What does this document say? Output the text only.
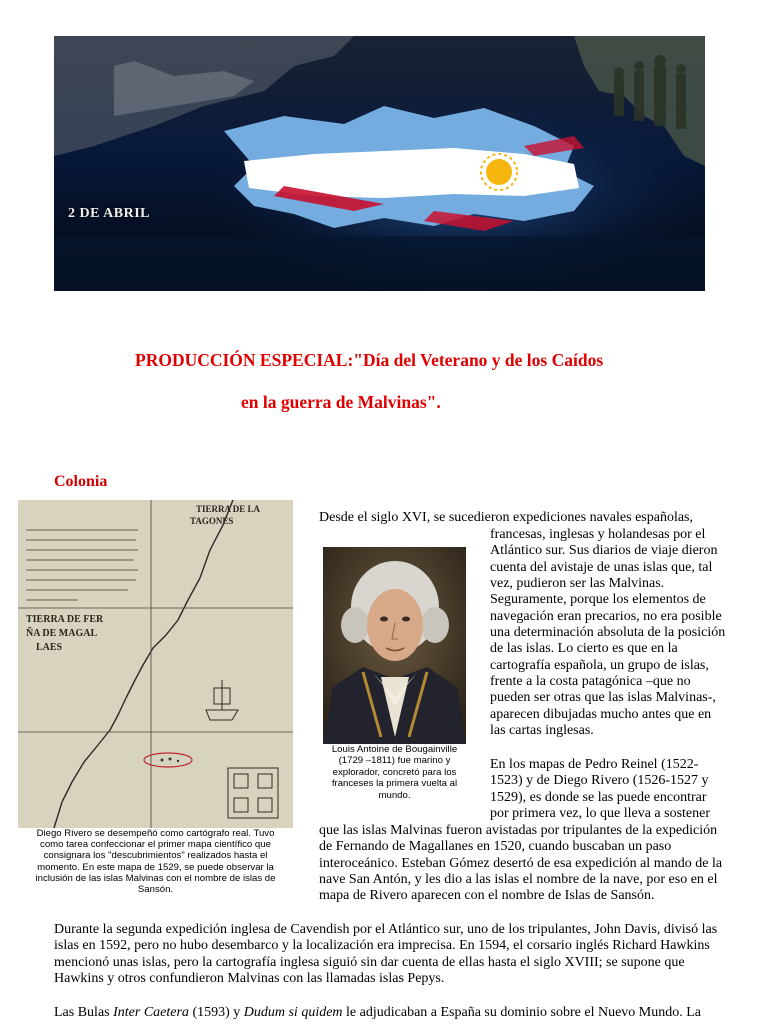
2 DE ABRIL
PRODUCCIÓN ESPECIAL:"Día del Veterano y de los Caídos
en la guerra de Malvinas".
Colonia
TIERRA DE LA
TAGONES
TIERRA DE FER
ÑA DE MAGAL
LAES
Diego Rivero se desempeñó como cartógrafo real. Tuvo
como tarea confeccionar el primer mapa científico que
consignara los "descubrimientos" realizados hasta el
momento. En este mapa de 1529, se puede observar la
inclusión de las islas Malvinas con el nombre de islas de
Sansón.
Louis Antoine de Bougainville
(1729 –1811) fue marino y
explorador, concretó para los
franceses la primera vuelta al
mundo.
Desde el siglo XVI, se sucedieron expediciones navales españolas,
francesas, inglesas y holandesas por el
Atlántico sur. Sus diarios de viaje dieron
cuenta del avistaje de unas islas que, tal
vez, pudieron ser las Malvinas.
Seguramente, porque los elementos de
navegación eran precarios, no era posible
una determinación absoluta de la posición
de las islas. Lo cierto es que en la
cartografía española, un grupo de islas,
frente a la costa patagónica –que no
pueden ser otras que las islas Malvinas-,
aparecen dibujadas mucho antes que en
las cartas inglesas.
En los mapas de Pedro Reinel (1522-
1523) y de Diego Rivero (1526-1527 y
1529), es donde se las puede encontrar
por primera vez, lo que lleva a sostener
que las islas Malvinas fueron avistadas por tripulantes de la expedición
de Fernando de Magallanes en 1520, cuando buscaban un paso
interoceánico. Esteban Gómez desertó de esa expedición al mando de la
nave San Antón, y les dio a las islas el nombre de la nave, por eso en el
mapa de Rivero aparecen con el nombre de Islas de Sansón.
Durante la segunda expedición inglesa de Cavendish por el Atlántico sur, uno de los tripulantes, John Davis, divisó las
islas en 1592, pero no hubo desembarco y la localización era imprecisa. En 1594, el corsario inglés Richard Hawkins
mencionó unas islas, pero la cartografía inglesa siguió sin dar cuenta de ellas hasta el siglo XVIII; se supone que
Hawkins y otros confundieron Malvinas con las llamadas islas Pepys.
Las Bulas Inter Caetera (1593) y Dudum si quidem le adjudicaban a España su dominio sobre el Nuevo Mundo. La
